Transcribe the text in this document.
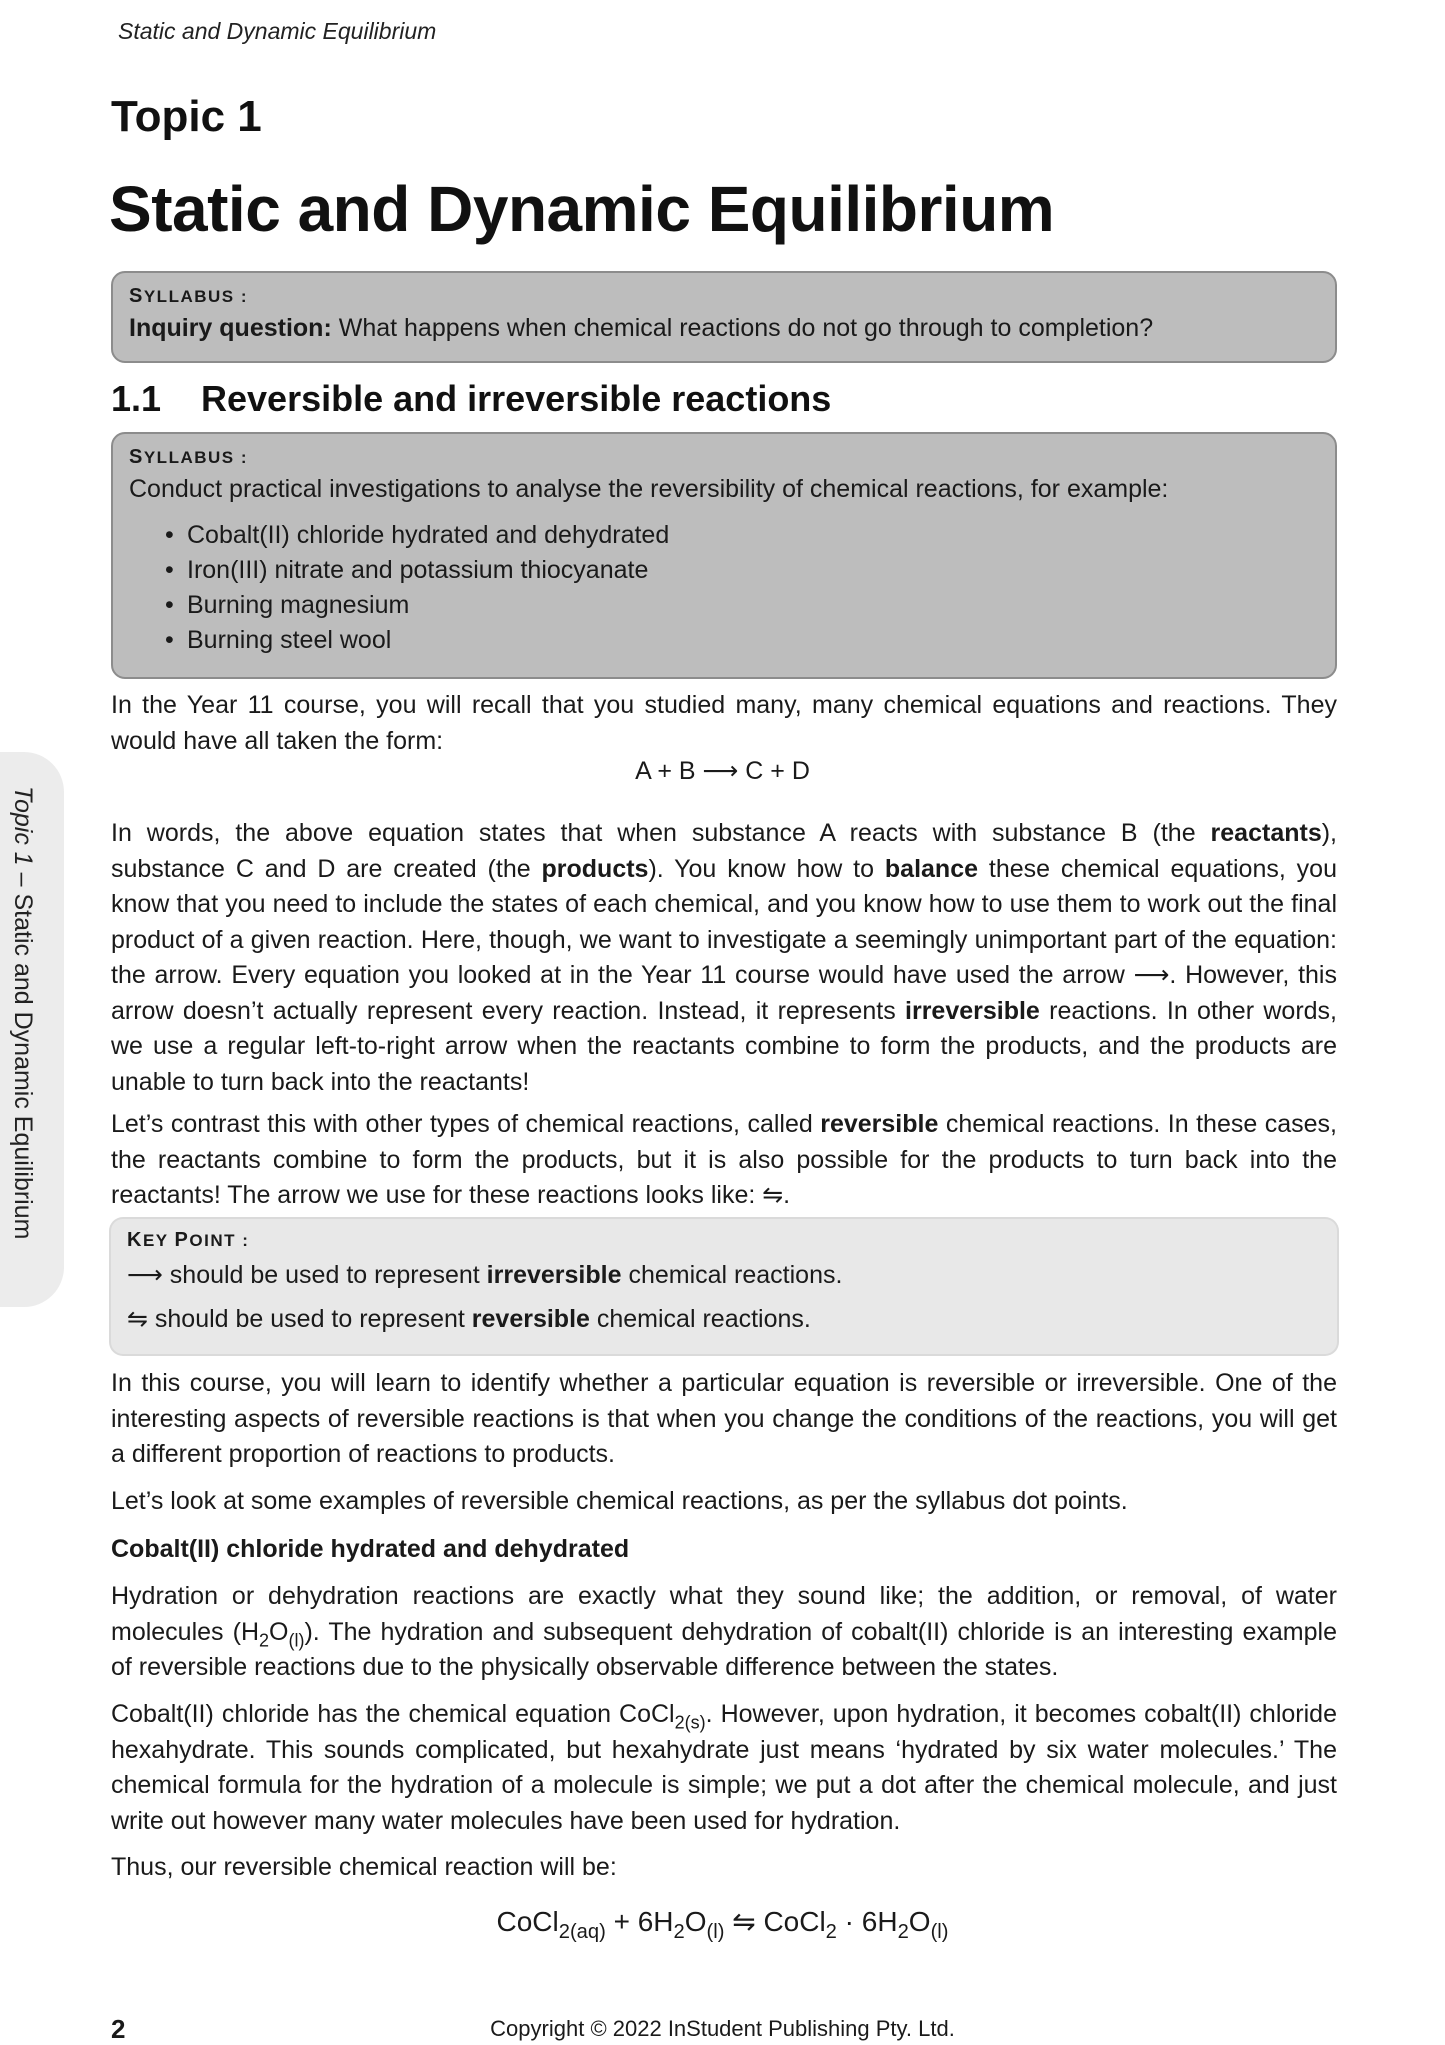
Static and Dynamic Equilibrium
Topic 1
Static and Dynamic Equilibrium
SYLLABUS :
Inquiry question: What happens when chemical reactions do not go through to completion?
1.1 Reversible and irreversible reactions
SYLLABUS :
Conduct practical investigations to analyse the reversibility of chemical reactions, for example:
• Cobalt(II) chloride hydrated and dehydrated
• Iron(III) nitrate and potassium thiocyanate
• Burning magnesium
• Burning steel wool
In the Year 11 course, you will recall that you studied many, many chemical equations and reactions. They would have all taken the form:
A + B ⟶ C + D
In words, the above equation states that when substance A reacts with substance B (the reactants), substance C and D are created (the products). You know how to balance these chemical equations, you know that you need to include the states of each chemical, and you know how to use them to work out the final product of a given reaction. Here, though, we want to investigate a seemingly unimportant part of the equation: the arrow. Every equation you looked at in the Year 11 course would have used the arrow ⟶. However, this arrow doesn’t actually represent every reaction. Instead, it represents irreversible reactions. In other words, we use a regular left-to-right arrow when the reactants combine to form the products, and the products are unable to turn back into the reactants!
Let’s contrast this with other types of chemical reactions, called reversible chemical reactions. In these cases, the reactants combine to form the products, but it is also possible for the products to turn back into the reactants! The arrow we use for these reactions looks like: ⇋.
KEY POINT :
⟶ should be used to represent irreversible chemical reactions.
⇋ should be used to represent reversible chemical reactions.
In this course, you will learn to identify whether a particular equation is reversible or irreversible. One of the interesting aspects of reversible reactions is that when you change the conditions of the reactions, you will get a different proportion of reactions to products.
Let’s look at some examples of reversible chemical reactions, as per the syllabus dot points.
Cobalt(II) chloride hydrated and dehydrated
Hydration or dehydration reactions are exactly what they sound like; the addition, or removal, of water molecules $(H_2O_{(l)})$. The hydration and subsequent dehydration of cobalt(II) chloride is an interesting example of reversible reactions due to the physically observable difference between the states.
Cobalt(II) chloride has the chemical equation CoCl$_{2(s)}$. However, upon hydration, it becomes cobalt(II) chloride hexahydrate. This sounds complicated, but hexahydrate just means ‘hydrated by six water molecules.’ The chemical formula for the hydration of a molecule is simple; we put a dot after the chemical molecule, and just write out however many water molecules have been used for hydration.
Thus, our reversible chemical reaction will be:
CoCl$_{2(aq)}$ + $6H_2O_{(l)}$ ⇋ CoCl$_2$ · $6H_2O_{(l)}$
Topic 1 – Static and Dynamic Equilibrium
2	Copyright © 2022 InStudent Publishing Pty. Ltd.
